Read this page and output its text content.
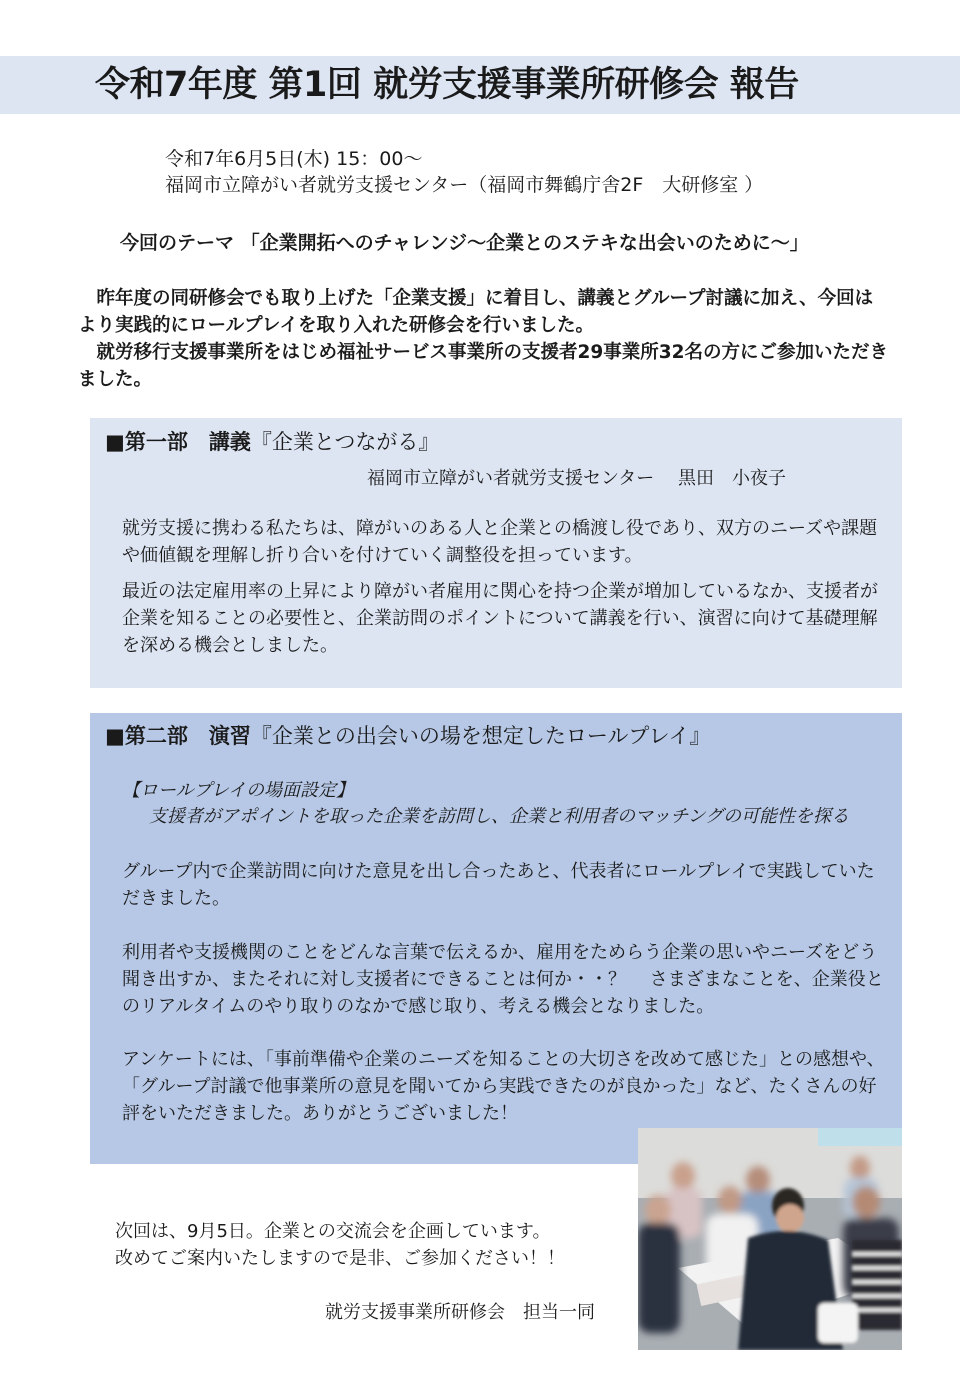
令和7年度 第1回 就労支援事業所研修会 報告
令和7年6月5日(木) 15：00～
福岡市立障がい者就労支援センター（福岡市舞鶴庁舎2F　大研修室 ）
今回のテーマ 「企業開拓へのチャレンジ～企業とのステキな出会いのために～」

昨年度の同研修会でも取り上げた「企業支援」に着目し、講義とグループ討議に加え、今回はより実践的にロールプレイを取り入れた研修会を行いました。

就労移行支援事業所をはじめ福祉サービス事業所の支援者29事業所32名の方にご参加いただきました。

■第一部　講義『企業とつながる』
福岡市立障がい者就労支援センター　 黒田　小夜子

就労支援に携わる私たちは、障がいのある人と企業との橋渡し役であり、双方のニーズや課題や価値観を理解し折り合いを付けていく調整役を担っています。

最近の法定雇用率の上昇により障がい者雇用に関心を持つ企業が増加しているなか、支援者が企業を知ることの必要性と、企業訪問のポイントについて講義を行い、演習に向けて基礎理解を深める機会としました。

■第二部　演習『企業との出会いの場を想定したロールプレイ』
【ロールプレイの場面設定】
支援者がアポイントを取った企業を訪問し、企業と利用者のマッチングの可能性を探る

グループ内で企業訪問に向けた意見を出し合ったあと、代表者にロールプレイで実践していただきました。

利用者や支援機関のことをどんな言葉で伝えるか、雇用をためらう企業の思いやニーズをどう聞き出すか、またそれに対し支援者にできることは何か・・？　 さまざまなことを、企業役とのリアルタイムのやり取りのなかで感じ取り、考える機会となりました。

アンケートには、「事前準備や企業のニーズを知ることの大切さを改めて感じた」との感想や、「グループ討議で他事業所の意見を聞いてから実践できたのが良かった」など、たくさんの好評をいただきました。ありがとうございました！

次回は、9月5日。企業との交流会を企画しています。

改めてご案内いたしますので是非、ご参加ください！！

就労支援事業所研修会　担当一同
